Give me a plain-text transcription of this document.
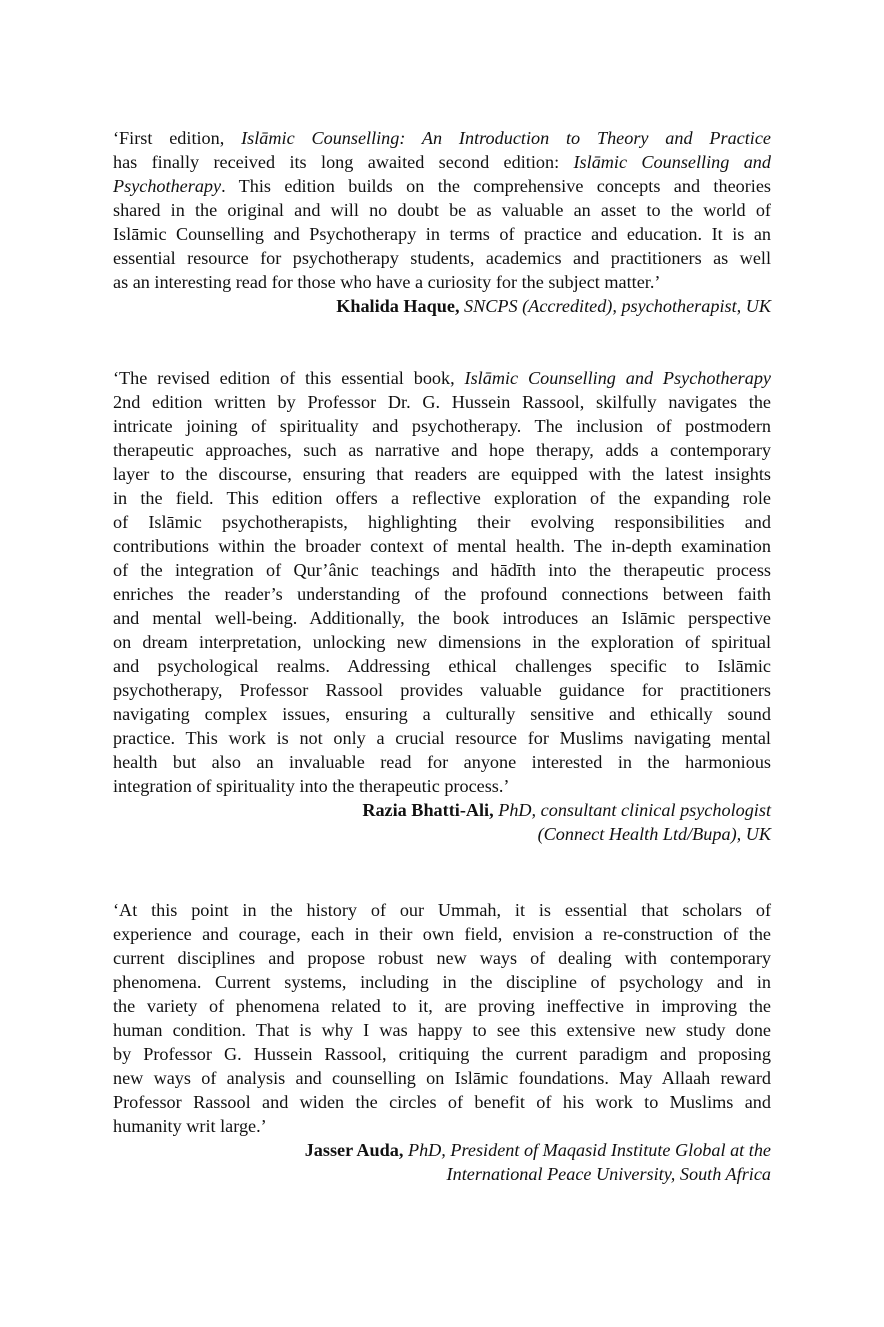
‘First edition, Islāmic Counselling: An Introduction to Theory and Practice
has finally received its long awaited second edition: Islāmic Counselling and
Psychotherapy. This edition builds on the comprehensive concepts and theories
shared in the original and will no doubt be as valuable an asset to the world of
Islāmic Counselling and Psychotherapy in terms of practice and education. It is an
essential resource for psychotherapy students, academics and practitioners as well
as an interesting read for those who have a curiosity for the subject matter.’
Khalida Haque, SNCPS (Accredited), psychotherapist, UK
‘The revised edition of this essential book, Islāmic Counselling and Psychotherapy
2nd edition written by Professor Dr. G. Hussein Rassool, skilfully navigates the
intricate joining of spirituality and psychotherapy. The inclusion of postmodern
therapeutic approaches, such as narrative and hope therapy, adds a contemporary
layer to the discourse, ensuring that readers are equipped with the latest insights
in the field. This edition offers a reflective exploration of the expanding role
of Islāmic psychotherapists, highlighting their evolving responsibilities and
contributions within the broader context of mental health. The in-depth examination
of the integration of Qur’ânic teachings and hādīth into the therapeutic process
enriches the reader’s understanding of the profound connections between faith
and mental well-being. Additionally, the book introduces an Islāmic perspective
on dream interpretation, unlocking new dimensions in the exploration of spiritual
and psychological realms. Addressing ethical challenges specific to Islāmic
psychotherapy, Professor Rassool provides valuable guidance for practitioners
navigating complex issues, ensuring a culturally sensitive and ethically sound
practice. This work is not only a crucial resource for Muslims navigating mental
health but also an invaluable read for anyone interested in the harmonious
integration of spirituality into the therapeutic process.’
Razia Bhatti-Ali, PhD, consultant clinical psychologist
(Connect Health Ltd/Bupa), UK
‘At this point in the history of our Ummah, it is essential that scholars of
experience and courage, each in their own field, envision a re-construction of the
current disciplines and propose robust new ways of dealing with contemporary
phenomena. Current systems, including in the discipline of psychology and in
the variety of phenomena related to it, are proving ineffective in improving the
human condition. That is why I was happy to see this extensive new study done
by Professor G. Hussein Rassool, critiquing the current paradigm and proposing
new ways of analysis and counselling on Islāmic foundations. May Allaah reward
Professor Rassool and widen the circles of benefit of his work to Muslims and
humanity writ large.’
Jasser Auda, PhD, President of Maqasid Institute Global at the
International Peace University, South Africa
